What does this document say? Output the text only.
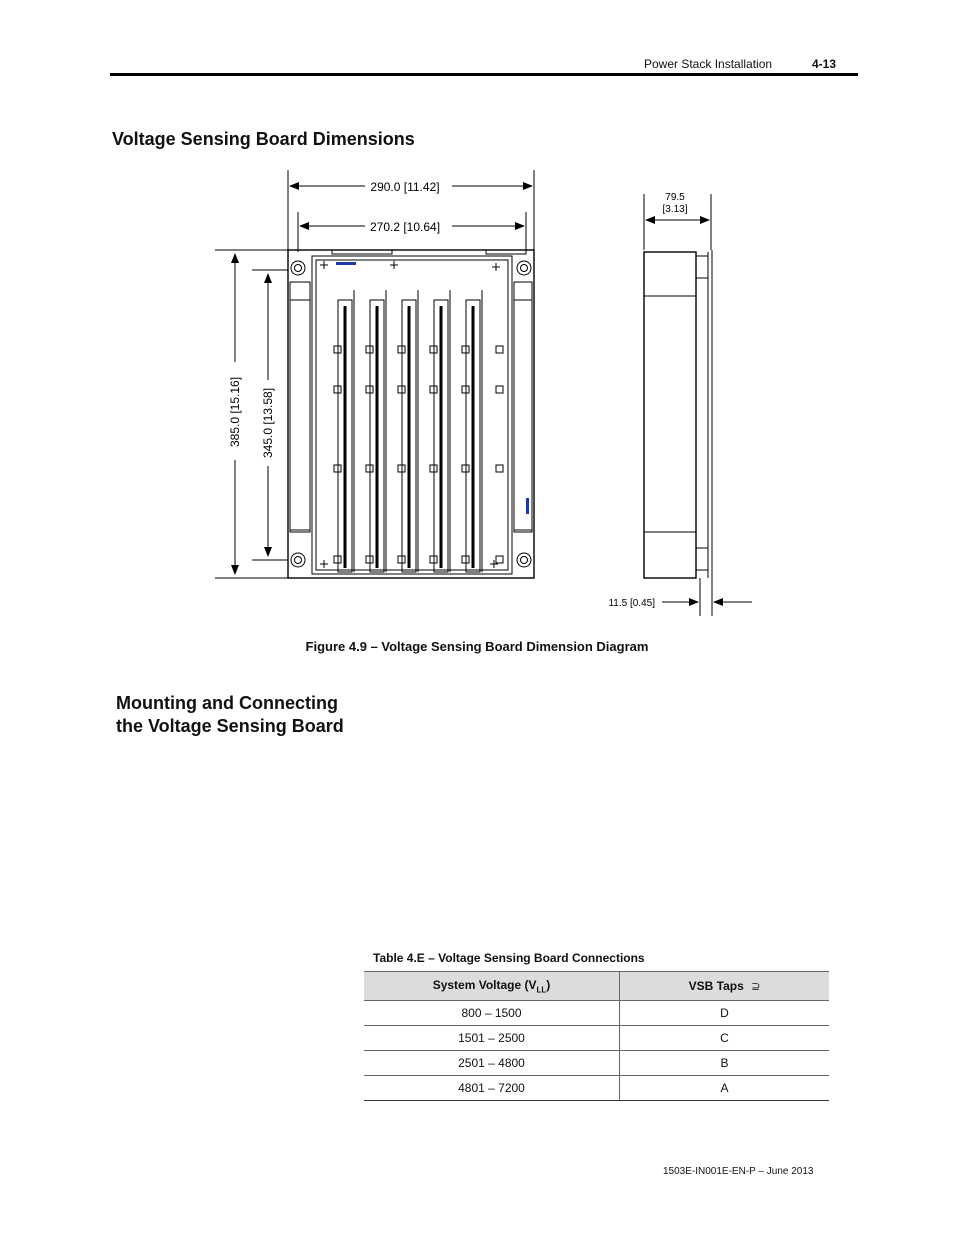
Power Stack Installation	4-13
Voltage Sensing Board Dimensions
290.0 [11.42]
270.2 [10.64]
385.0 [15.16] 345.0 [13.58]
79.5
[3.13]
11.5 [0.45]
Figure 4.9 – Voltage Sensing Board Dimension Diagram
Mounting and Connecting
the Voltage Sensing Board
Table 4.E – Voltage Sensing Board Connections
System Voltage $(V_{LL})$	VSB Taps ⊇
800 – 1500	D
1501 – 2500	C
2501 – 4800	B
4801 – 7200	A
1503E-IN001E-EN-P – June 2013
